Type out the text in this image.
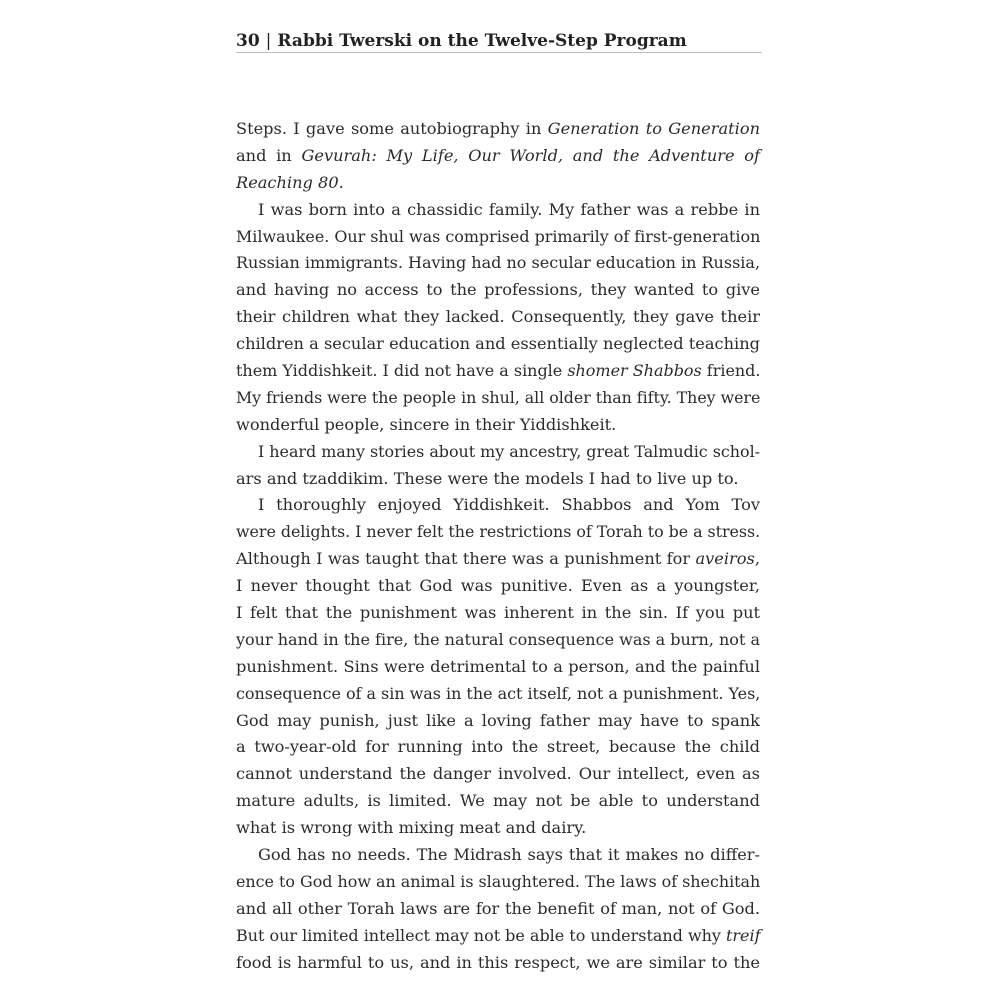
30 | Rabbi Twerski on the Twelve-Step Program
Steps. I gave some autobiography in Generation to Generation
and in Gevurah: My Life, Our World, and the Adventure of
Reaching 80.
I was born into a chassidic family. My father was a rebbe in
Milwaukee. Our shul was comprised primarily of first-generation
Russian immigrants. Having had no secular education in Russia,
and having no access to the professions, they wanted to give
their children what they lacked. Consequently, they gave their
children a secular education and essentially neglected teaching
them Yiddishkeit. I did not have a single shomer Shabbos friend.
My friends were the people in shul, all older than fifty. They were
wonderful people, sincere in their Yiddishkeit.
I heard many stories about my ancestry, great Talmudic schol-
ars and tzaddikim. These were the models I had to live up to.
I thoroughly enjoyed Yiddishkeit. Shabbos and Yom Tov
were delights. I never felt the restrictions of Torah to be a stress.
Although I was taught that there was a punishment for aveiros,
I never thought that God was punitive. Even as a youngster,
I felt that the punishment was inherent in the sin. If you put
your hand in the fire, the natural consequence was a burn, not a
punishment. Sins were detrimental to a person, and the painful
consequence of a sin was in the act itself, not a punishment. Yes,
God may punish, just like a loving father may have to spank
a two-year-old for running into the street, because the child
cannot understand the danger involved. Our intellect, even as
mature adults, is limited. We may not be able to understand
what is wrong with mixing meat and dairy.
God has no needs. The Midrash says that it makes no differ-
ence to God how an animal is slaughtered. The laws of shechitah
and all other Torah laws are for the benefit of man, not of God.
But our limited intellect may not be able to understand why treif
food is harmful to us, and in this respect, we are similar to the
